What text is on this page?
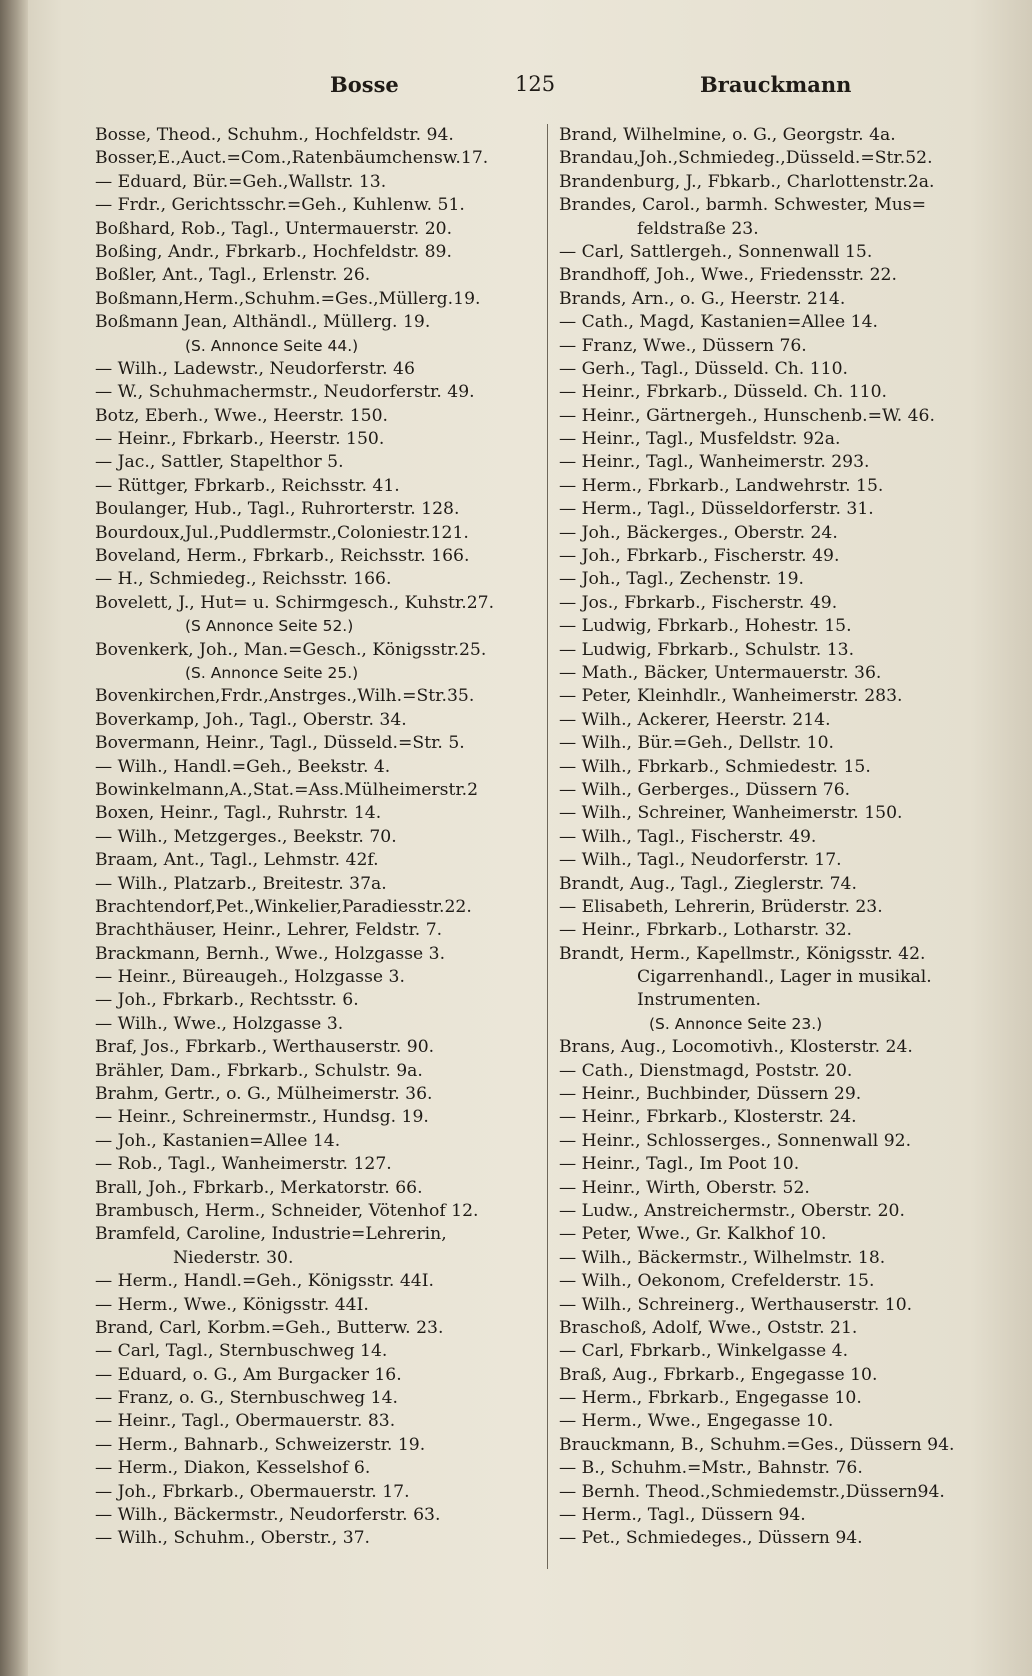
Bosse	125	Brauckmann
Bosse, Theod., Schuhm., Hochfeldstr. 94.
Bosser,E.,Auct.=Com.,Ratenbäumchensw.17.
— Eduard, Bür.=Geh.,Wallstr. 13.
— Frdr., Gerichtsschr.=Geh., Kuhlenw. 51.
Boßhard, Rob., Tagl., Untermauerstr. 20.
Boßing, Andr., Fbrkarb., Hochfeldstr. 89.
Boßler, Ant., Tagl., Erlenstr. 26.
Boßmann,Herm.,Schuhm.=Ges.,Müllerg.19.
Boßmann Jean, Althändl., Müllerg. 19.
(S. Annonce Seite 44.)
— Wilh., Ladewstr., Neudorferstr. 46
— W., Schuhmachermstr., Neudorferstr. 49.
Botz, Eberh., Wwe., Heerstr. 150.
— Heinr., Fbrkarb., Heerstr. 150.
— Jac., Sattler, Stapelthor 5.
— Rüttger, Fbrkarb., Reichsstr. 41.
Boulanger, Hub., Tagl., Ruhrorterstr. 128.
Bourdoux,Jul.,Puddlermstr.,Coloniestr.121.
Boveland, Herm., Fbrkarb., Reichsstr. 166.
— H., Schmiedeg., Reichsstr. 166.
Bovelett, J., Hut= u. Schirmgesch., Kuhstr.27.
(S Annonce Seite 52.)
Bovenkerk, Joh., Man.=Gesch., Königsstr.25.
(S. Annonce Seite 25.)
Bovenkirchen,Frdr.,Anstrges.,Wilh.=Str.35.
Boverkamp, Joh., Tagl., Oberstr. 34.
Bovermann, Heinr., Tagl., Düsseld.=Str. 5.
— Wilh., Handl.=Geh., Beekstr. 4.
Bowinkelmann,A.,Stat.=Ass.Mülheimerstr.2
Boxen, Heinr., Tagl., Ruhrstr. 14.
— Wilh., Metzgerges., Beekstr. 70.
Braam, Ant., Tagl., Lehmstr. 42f.
— Wilh., Platzarb., Breitestr. 37a.
Brachtendorf,Pet.,Winkelier,Paradiesstr.22.
Brachthäuser, Heinr., Lehrer, Feldstr. 7.
Brackmann, Bernh., Wwe., Holzgasse 3.
— Heinr., Büreaugeh., Holzgasse 3.
— Joh., Fbrkarb., Rechtsstr. 6.
— Wilh., Wwe., Holzgasse 3.
Braf, Jos., Fbrkarb., Werthauserstr. 90.
Brähler, Dam., Fbrkarb., Schulstr. 9a.
Brahm, Gertr., o. G., Mülheimerstr. 36.
— Heinr., Schreinermstr., Hundsg. 19.
— Joh., Kastanien=Allee 14.
— Rob., Tagl., Wanheimerstr. 127.
Brall, Joh., Fbrkarb., Merkatorstr. 66.
Brambusch, Herm., Schneider, Vötenhof 12.
Bramfeld, Caroline, Industrie=Lehrerin,
Niederstr. 30.
— Herm., Handl.=Geh., Königsstr. 44I.
— Herm., Wwe., Königsstr. 44I.
Brand, Carl, Korbm.=Geh., Butterw. 23.
— Carl, Tagl., Sternbuschweg 14.
— Eduard, o. G., Am Burgacker 16.
— Franz, o. G., Sternbuschweg 14.
— Heinr., Tagl., Obermauerstr. 83.
— Herm., Bahnarb., Schweizerstr. 19.
— Herm., Diakon, Kesselshof 6.
— Joh., Fbrkarb., Obermauerstr. 17.
— Wilh., Bäckermstr., Neudorferstr. 63.
— Wilh., Schuhm., Oberstr., 37.
Brand, Wilhelmine, o. G., Georgstr. 4a.
Brandau,Joh.,Schmiedeg.,Düsseld.=Str.52.
Brandenburg, J., Fbkarb., Charlottenstr.2a.
Brandes, Carol., barmh. Schwester, Mus=
feldstraße 23.
— Carl, Sattlergeh., Sonnenwall 15.
Brandhoff, Joh., Wwe., Friedensstr. 22.
Brands, Arn., o. G., Heerstr. 214.
— Cath., Magd, Kastanien=Allee 14.
— Franz, Wwe., Düssern 76.
— Gerh., Tagl., Düsseld. Ch. 110.
— Heinr., Fbrkarb., Düsseld. Ch. 110.
— Heinr., Gärtnergeh., Hunschenb.=W. 46.
— Heinr., Tagl., Musfeldstr. 92a.
— Heinr., Tagl., Wanheimerstr. 293.
— Herm., Fbrkarb., Landwehrstr. 15.
— Herm., Tagl., Düsseldorferstr. 31.
— Joh., Bäckerges., Oberstr. 24.
— Joh., Fbrkarb., Fischerstr. 49.
— Joh., Tagl., Zechenstr. 19.
— Jos., Fbrkarb., Fischerstr. 49.
— Ludwig, Fbrkarb., Hohestr. 15.
— Ludwig, Fbrkarb., Schulstr. 13.
— Math., Bäcker, Untermauerstr. 36.
— Peter, Kleinhdlr., Wanheimerstr. 283.
— Wilh., Ackerer, Heerstr. 214.
— Wilh., Bür.=Geh., Dellstr. 10.
— Wilh., Fbrkarb., Schmiedestr. 15.
— Wilh., Gerberges., Düssern 76.
— Wilh., Schreiner, Wanheimerstr. 150.
— Wilh., Tagl., Fischerstr. 49.
— Wilh., Tagl., Neudorferstr. 17.
Brandt, Aug., Tagl., Zieglerstr. 74.
— Elisabeth, Lehrerin, Brüderstr. 23.
— Heinr., Fbrkarb., Lotharstr. 32.
Brandt, Herm., Kapellmstr., Königsstr. 42.
Cigarrenhandl., Lager in musikal.
Instrumenten.
(S. Annonce Seite 23.)
Brans, Aug., Locomotivh., Klosterstr. 24.
— Cath., Dienstmagd, Poststr. 20.
— Heinr., Buchbinder, Düssern 29.
— Heinr., Fbrkarb., Klosterstr. 24.
— Heinr., Schlosserges., Sonnenwall 92.
— Heinr., Tagl., Im Poot 10.
— Heinr., Wirth, Oberstr. 52.
— Ludw., Anstreichermstr., Oberstr. 20.
— Peter, Wwe., Gr. Kalkhof 10.
— Wilh., Bäckermstr., Wilhelmstr. 18.
— Wilh., Oekonom, Crefelderstr. 15.
— Wilh., Schreinerg., Werthauserstr. 10.
Braschoß, Adolf, Wwe., Oststr. 21.
— Carl, Fbrkarb., Winkelgasse 4.
Braß, Aug., Fbrkarb., Engegasse 10.
— Herm., Fbrkarb., Engegasse 10.
— Herm., Wwe., Engegasse 10.
Brauckmann, B., Schuhm.=Ges., Düssern 94.
— B., Schuhm.=Mstr., Bahnstr. 76.
— Bernh. Theod.,Schmiedemstr.,Düssern94.
— Herm., Tagl., Düssern 94.
— Pet., Schmiedeges., Düssern 94.
